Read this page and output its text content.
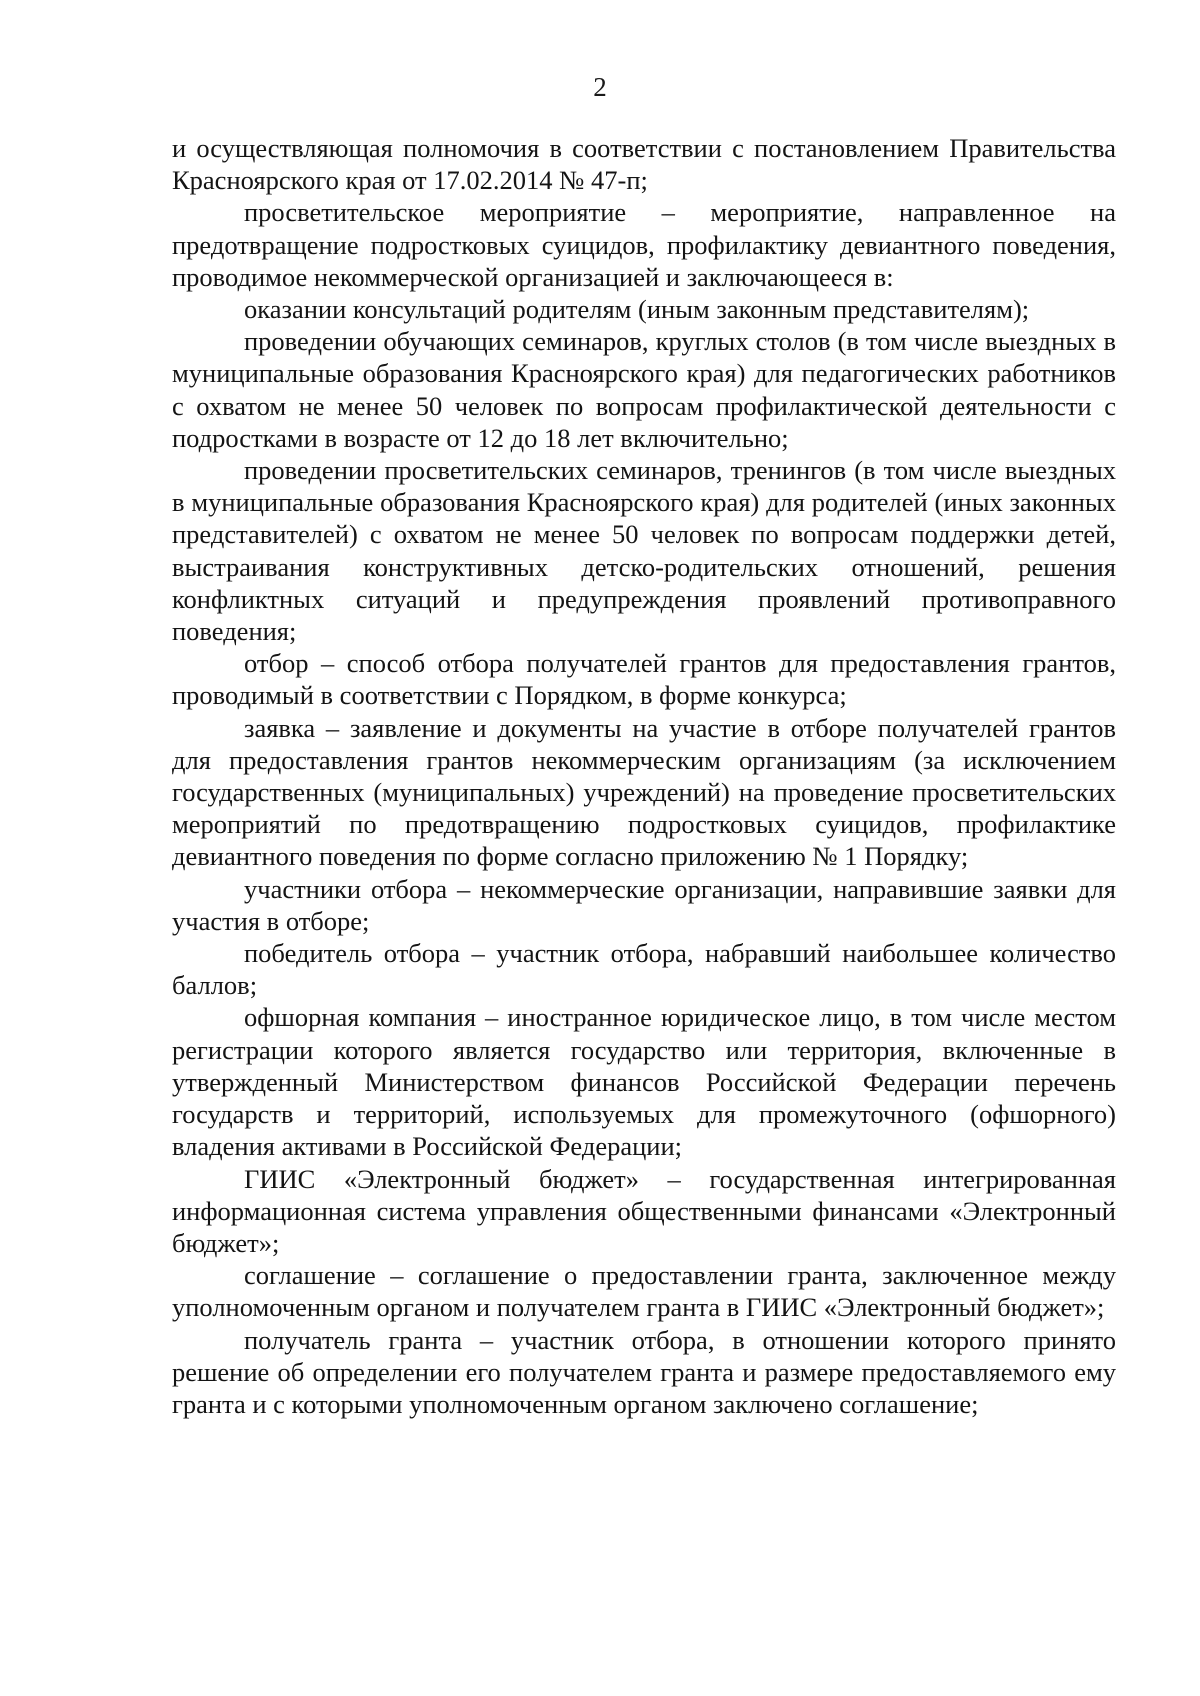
2

и осуществляющая полномочия в соответствии с постановлением Правительства Красноярского края от 17.02.2014 № 47-п;

просветительское мероприятие – мероприятие, направленное на предотвращение подростковых суицидов, профилактику девиантного поведения, проводимое некоммерческой организацией и заключающееся в:

оказании консультаций родителям (иным законным представителям);

проведении обучающих семинаров, круглых столов (в том числе выездных в муниципальные образования Красноярского края) для педагогических работников с охватом не менее 50 человек по вопросам профилактической деятельности с подростками в возрасте от 12 до 18 лет включительно;

проведении просветительских семинаров, тренингов (в том числе выездных в муниципальные образования Красноярского края) для родителей (иных законных представителей) с охватом не менее 50 человек по вопросам поддержки детей, выстраивания конструктивных детско-родительских отношений, решения конфликтных ситуаций и предупреждения проявлений противоправного поведения;

отбор – способ отбора получателей грантов для предоставления грантов, проводимый в соответствии с Порядком, в форме конкурса;

заявка – заявление и документы на участие в отборе получателей грантов для предоставления грантов некоммерческим организациям (за исключением государственных (муниципальных) учреждений) на проведение просветительских мероприятий по предотвращению подростковых суицидов, профилактике девиантного поведения по форме согласно приложению № 1 Порядку;

участники отбора – некоммерческие организации, направившие заявки для участия в отборе;

победитель отбора – участник отбора, набравший наибольшее количество баллов;

офшорная компания – иностранное юридическое лицо, в том числе местом регистрации которого является государство или территория, включенные в утвержденный Министерством финансов Российской Федерации перечень государств и территорий, используемых для промежуточного (офшорного) владения активами в Российской Федерации;

ГИИС «Электронный бюджет» – государственная интегрированная информационная система управления общественными финансами «Электронный бюджет»;

соглашение – соглашение о предоставлении гранта, заключенное между уполномоченным органом и получателем гранта в ГИИС «Электронный бюджет»;

получатель гранта – участник отбора, в отношении которого принято решение об определении его получателем гранта и размере предоставляемого ему гранта и с которыми уполномоченным органом заключено соглашение;
